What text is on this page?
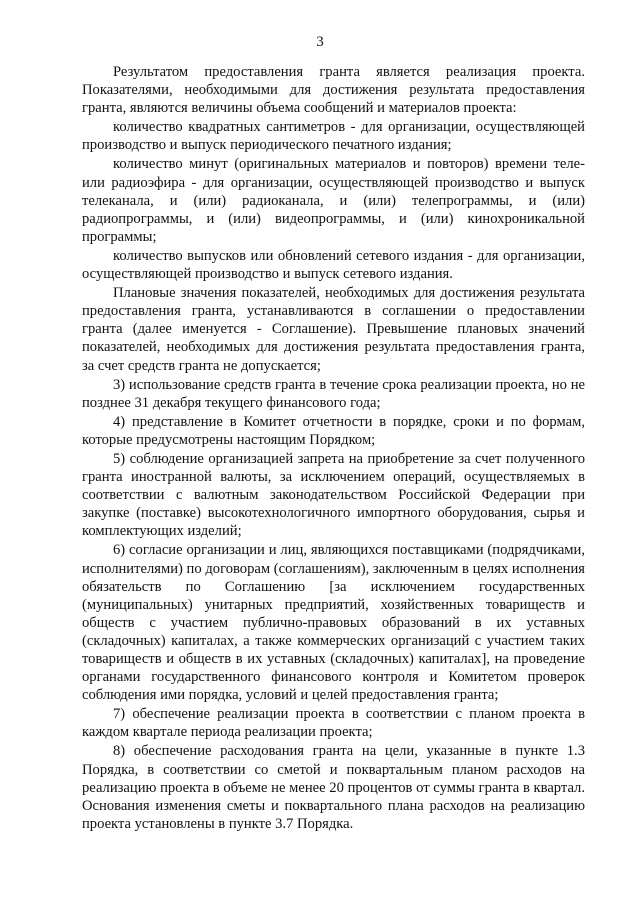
3

Результатом предоставления гранта является реализация проекта. Показателями, необходимыми для достижения результата предоставления гранта, являются величины объема сообщений и материалов проекта:

количество квадратных сантиметров - для организации, осуществляющей производство и выпуск периодического печатного издания;

количество минут (оригинальных материалов и повторов) времени теле- или радиоэфира - для организации, осуществляющей производство и выпуск телеканала, и (или) радиоканала, и (или) телепрограммы, и (или) радиопрограммы, и (или) видеопрограммы, и (или) кинохроникальной программы;

количество выпусков или обновлений сетевого издания - для организации, осуществляющей производство и выпуск сетевого издания.

Плановые значения показателей, необходимых для достижения результата предоставления гранта, устанавливаются в соглашении о предоставлении гранта (далее именуется - Соглашение). Превышение плановых значений показателей, необходимых для достижения результата предоставления гранта, за счет средств гранта не допускается;

3) использование средств гранта в течение срока реализации проекта, но не позднее 31 декабря текущего финансового года;

4) представление в Комитет отчетности в порядке, сроки и по формам, которые предусмотрены настоящим Порядком;

5) соблюдение организацией запрета на приобретение за счет полученного гранта иностранной валюты, за исключением операций, осуществляемых в соответствии с валютным законодательством Российской Федерации при закупке (поставке) высокотехнологичного импортного оборудования, сырья и комплектующих изделий;

6) согласие организации и лиц, являющихся поставщиками (подрядчиками, исполнителями) по договорам (соглашениям), заключенным в целях исполнения обязательств по Соглашению [за исключением государственных (муниципальных) унитарных предприятий, хозяйственных товариществ и обществ с участием публично-правовых образований в их уставных (складочных) капиталах, а также коммерческих организаций с участием таких товариществ и обществ в их уставных (складочных) капиталах], на проведение органами государственного финансового контроля и Комитетом проверок соблюдения ими порядка, условий и целей предоставления гранта;

7) обеспечение реализации проекта в соответствии с планом проекта в каждом квартале периода реализации проекта;

8) обеспечение расходования гранта на цели, указанные в пункте 1.3 Порядка, в соответствии со сметой и поквартальным планом расходов на реализацию проекта в объеме не менее 20 процентов от суммы гранта в квартал. Основания изменения сметы и поквартального плана расходов на реализацию проекта установлены в пункте 3.7 Порядка.
